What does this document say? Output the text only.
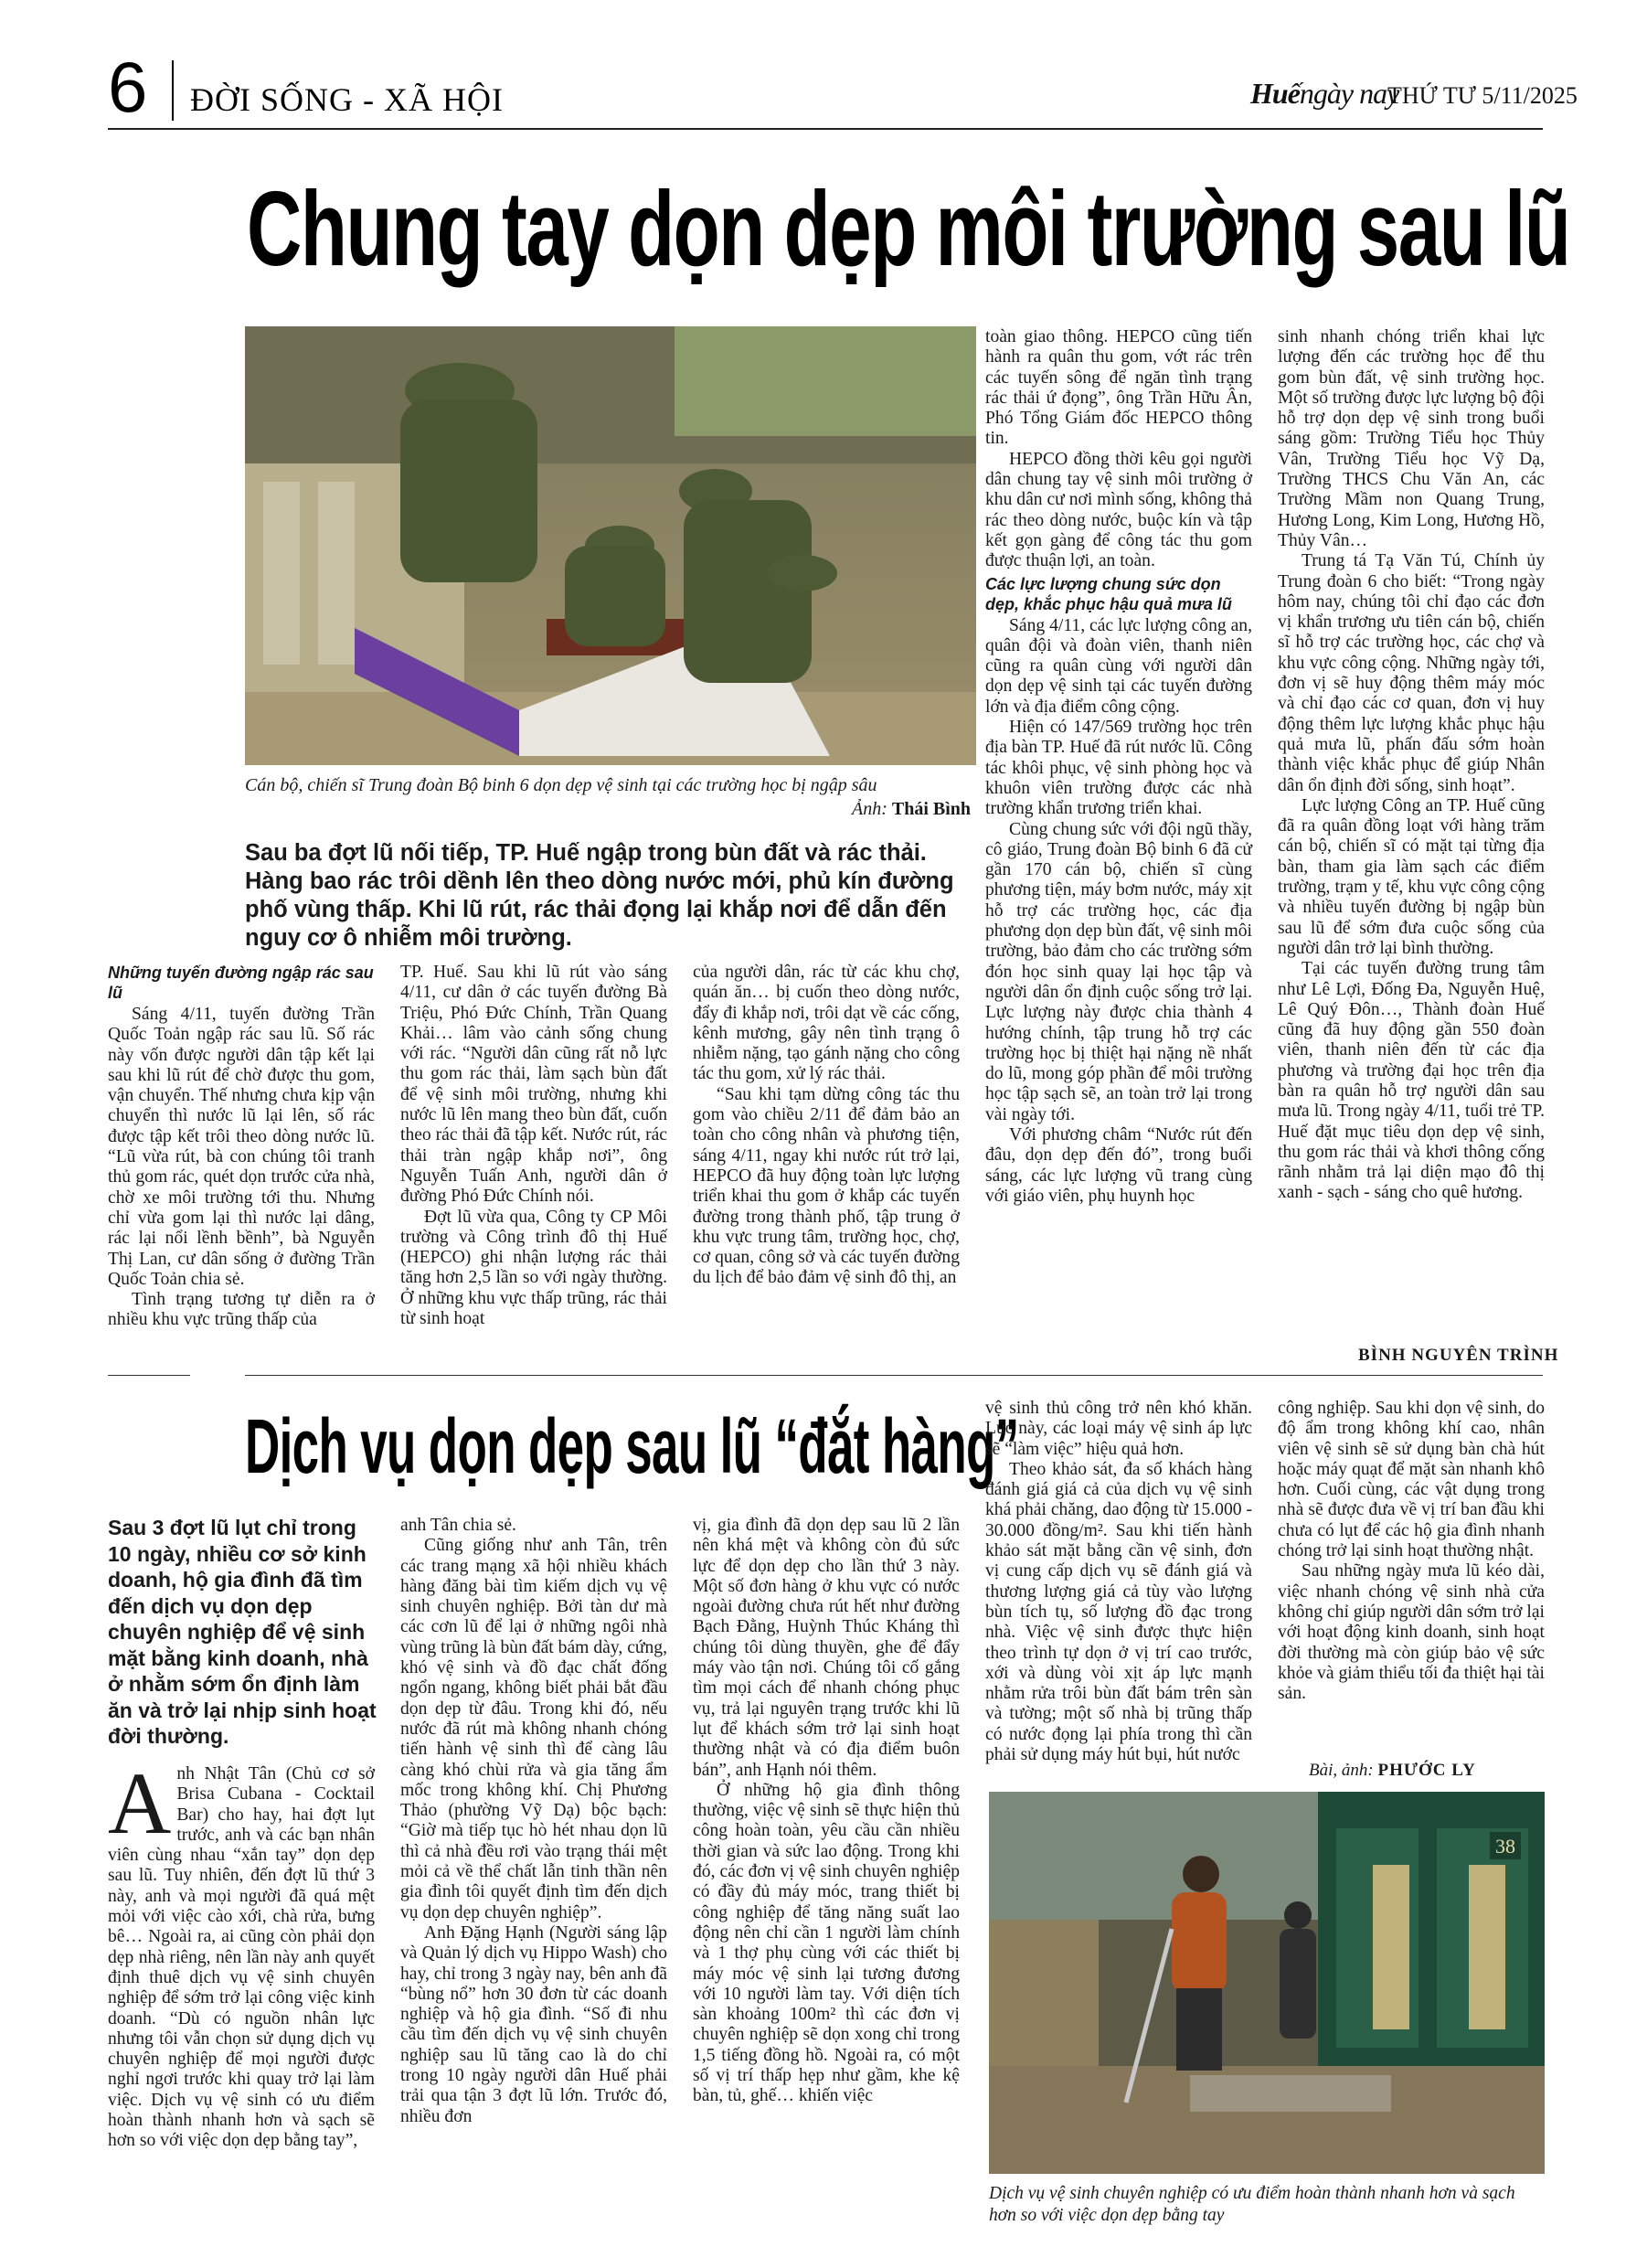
6 ĐỜI SỐNG - XÃ HỘI	Huếngày nay
THỨ TƯ 5/11/2025
Chung tay dọn dẹp môi trường sau lũ
Cán bộ, chiến sĩ Trung đoàn Bộ binh 6 dọn dẹp vệ sinh tại các trường học bị ngập sâu
Ảnh: Thái Bình
Sau ba đợt lũ nối tiếp, TP. Huế ngập trong bùn đất và rác thải. Hàng bao rác trôi dềnh lên theo dòng nước mới, phủ kín đường phố vùng thấp. Khi lũ rút, rác thải đọng lại khắp nơi để dẫn đến nguy cơ ô nhiễm môi trường.
Những tuyến đường ngập rác sau lũ

Sáng 4/11, tuyến đường Trần Quốc Toản ngập rác sau lũ. Số rác này vốn được người dân tập kết lại sau khi lũ rút để chờ được thu gom, vận chuyển. Thế nhưng chưa kịp vận chuyển thì nước lũ lại lên, số rác được tập kết trôi theo dòng nước lũ. “Lũ vừa rút, bà con chúng tôi tranh thủ gom rác, quét dọn trước cửa nhà, chờ xe môi trường tới thu. Nhưng chỉ vừa gom lại thì nước lại dâng, rác lại nổi lềnh bềnh”, bà Nguyễn Thị Lan, cư dân sống ở đường Trần Quốc Toản chia sẻ.

Tình trạng tương tự diễn ra ở nhiều khu vực trũng thấp của

TP. Huế. Sau khi lũ rút vào sáng 4/11, cư dân ở các tuyến đường Bà Triệu, Phó Đức Chính, Trần Quang Khải… lâm vào cảnh sống chung với rác. “Người dân cũng rất nỗ lực thu gom rác thải, làm sạch bùn đất để vệ sinh môi trường, nhưng khi nước lũ lên mang theo bùn đất, cuốn theo rác thải đã tập kết. Nước rút, rác thải tràn ngập khắp nơi”, ông Nguyễn Tuấn Anh, người dân ở đường Phó Đức Chính nói.

Đợt lũ vừa qua, Công ty CP Môi trường và Công trình đô thị Huế (HEPCO) ghi nhận lượng rác thải tăng hơn 2,5 lần so với ngày thường. Ở những khu vực thấp trũng, rác thải từ sinh hoạt

của người dân, rác từ các khu chợ, quán ăn… bị cuốn theo dòng nước, đẩy đi khắp nơi, trôi dạt về các cống, kênh mương, gây nên tình trạng ô nhiễm nặng, tạo gánh nặng cho công tác thu gom, xử lý rác thải.

“Sau khi tạm dừng công tác thu gom vào chiều 2/11 để đảm bảo an toàn cho công nhân và phương tiện, sáng 4/11, ngay khi nước rút trở lại, HEPCO đã huy động toàn lực lượng triển khai thu gom ở khắp các tuyến đường trong thành phố, tập trung ở khu vực trung tâm, trường học, chợ, cơ quan, công sở và các tuyến đường du lịch để bảo đảm vệ sinh đô thị, an

toàn giao thông. HEPCO cũng tiến hành ra quân thu gom, vớt rác trên các tuyến sông để ngăn tình trạng rác thải ứ đọng”, ông Trần Hữu Ân, Phó Tổng Giám đốc HEPCO thông tin.

HEPCO đồng thời kêu gọi người dân chung tay vệ sinh môi trường ở khu dân cư nơi mình sống, không thả rác theo dòng nước, buộc kín và tập kết gọn gàng để công tác thu gom được thuận lợi, an toàn.

Các lực lượng chung sức dọn dẹp, khắc phục hậu quả mưa lũ

Sáng 4/11, các lực lượng công an, quân đội và đoàn viên, thanh niên cũng ra quân cùng với người dân dọn dẹp vệ sinh tại các tuyến đường lớn và địa điểm công cộng.

Hiện có 147/569 trường học trên địa bàn TP. Huế đã rút nước lũ. Công tác khôi phục, vệ sinh phòng học và khuôn viên trường được các nhà trường khẩn trương triển khai.

Cùng chung sức với đội ngũ thầy, cô giáo, Trung đoàn Bộ binh 6 đã cử gần 170 cán bộ, chiến sĩ cùng phương tiện, máy bơm nước, máy xịt hỗ trợ các trường học, các địa phương dọn dẹp bùn đất, vệ sinh môi trường, bảo đảm cho các trường sớm đón học sinh quay lại học tập và người dân ổn định cuộc sống trở lại. Lực lượng này được chia thành 4 hướng chính, tập trung hỗ trợ các trường học bị thiệt hại nặng nề nhất do lũ, mong góp phần để môi trường học tập sạch sẽ, an toàn trở lại trong vài ngày tới.

Với phương châm “Nước rút đến đâu, dọn dẹp đến đó”, trong buổi sáng, các lực lượng vũ trang cùng với giáo viên, phụ huynh học

sinh nhanh chóng triển khai lực lượng đến các trường học để thu gom bùn đất, vệ sinh trường học. Một số trường được lực lượng bộ đội hỗ trợ dọn dẹp vệ sinh trong buổi sáng gồm: Trường Tiểu học Thủy Vân, Trường Tiểu học Vỹ Dạ, Trường THCS Chu Văn An, các Trường Mầm non Quang Trung, Hương Long, Kim Long, Hương Hồ, Thủy Vân…

Trung tá Tạ Văn Tú, Chính ủy Trung đoàn 6 cho biết: “Trong ngày hôm nay, chúng tôi chỉ đạo các đơn vị khẩn trương ưu tiên cán bộ, chiến sĩ hỗ trợ các trường học, các chợ và khu vực công cộng. Những ngày tới, đơn vị sẽ huy động thêm máy móc và chỉ đạo các cơ quan, đơn vị huy động thêm lực lượng khắc phục hậu quả mưa lũ, phấn đấu sớm hoàn thành việc khắc phục để giúp Nhân dân ổn định đời sống, sinh hoạt”.

Lực lượng Công an TP. Huế cũng đã ra quân đồng loạt với hàng trăm cán bộ, chiến sĩ có mặt tại từng địa bàn, tham gia làm sạch các điểm trường, trạm y tế, khu vực công cộng và nhiều tuyến đường bị ngập bùn sau lũ để sớm đưa cuộc sống của người dân trở lại bình thường.

Tại các tuyến đường trung tâm như Lê Lợi, Đống Đa, Nguyễn Huệ, Lê Quý Đôn…, Thành đoàn Huế cũng đã huy động gần 550 đoàn viên, thanh niên đến từ các địa phương và trường đại học trên địa bàn ra quân hỗ trợ người dân sau mưa lũ. Trong ngày 4/11, tuổi trẻ TP. Huế đặt mục tiêu dọn dẹp vệ sinh, thu gom rác thải và khơi thông cống rãnh nhằm trả lại diện mạo đô thị xanh - sạch - sáng cho quê hương.

BÌNH NGUYÊN TRÌNH
Dịch vụ dọn dẹp sau lũ “đắt hàng”
Sau 3 đợt lũ lụt chỉ trong 10 ngày, nhiều cơ sở kinh doanh, hộ gia đình đã tìm đến dịch vụ dọn dẹp chuyên nghiệp để vệ sinh mặt bằng kinh doanh, nhà ở nhằm sớm ổn định làm ăn và trở lại nhịp sinh hoạt đời thường.

Anh Nhật Tân (Chủ cơ sở Brisa Cubana - Cocktail Bar) cho hay, hai đợt lụt trước, anh và các bạn nhân viên cùng nhau “xắn tay” dọn dẹp sau lũ. Tuy nhiên, đến đợt lũ thứ 3 này, anh và mọi người đã quá mệt mỏi với việc cào xới, chà rửa, bưng bê… Ngoài ra, ai cũng còn phải dọn dẹp nhà riêng, nên lần này anh quyết định thuê dịch vụ vệ sinh chuyên nghiệp để sớm trở lại công việc kinh doanh. “Dù có nguồn nhân lực nhưng tôi vẫn chọn sử dụng dịch vụ chuyên nghiệp để mọi người được nghỉ ngơi trước khi quay trở lại làm việc. Dịch vụ vệ sinh có ưu điểm hoàn thành nhanh hơn và sạch sẽ hơn so với việc dọn dẹp bằng tay”,

anh Tân chia sẻ.

Cũng giống như anh Tân, trên các trang mạng xã hội nhiều khách hàng đăng bài tìm kiếm dịch vụ vệ sinh chuyên nghiệp. Bởi tàn dư mà các cơn lũ để lại ở những ngôi nhà vùng trũng là bùn đất bám dày, cứng, khó vệ sinh và đồ đạc chất đống ngổn ngang, không biết phải bắt đầu dọn dẹp từ đâu. Trong khi đó, nếu nước đã rút mà không nhanh chóng tiến hành vệ sinh thì để càng lâu càng khó chùi rửa và gia tăng ẩm mốc trong không khí. Chị Phương Thảo (phường Vỹ Dạ) bộc bạch: “Giờ mà tiếp tục hò hét nhau dọn lũ thì cả nhà đều rơi vào trạng thái mệt mỏi cả về thể chất lẫn tinh thần nên gia đình tôi quyết định tìm đến dịch vụ dọn dẹp chuyên nghiệp”.

Anh Đặng Hạnh (Người sáng lập và Quản lý dịch vụ Hippo Wash) cho hay, chỉ trong 3 ngày nay, bên anh đã “bùng nổ” hơn 30 đơn từ các doanh nghiệp và hộ gia đình. “Số đi nhu cầu tìm đến dịch vụ vệ sinh chuyên nghiệp sau lũ tăng cao là do chỉ trong 10 ngày người dân Huế phải trải qua tận 3 đợt lũ lớn. Trước đó, nhiều đơn

vị, gia đình đã dọn dẹp sau lũ 2 lần nên khá mệt và không còn đủ sức lực để dọn dẹp cho lần thứ 3 này. Một số đơn hàng ở khu vực có nước ngoài đường chưa rút hết như đường Bạch Đằng, Huỳnh Thúc Kháng thì chúng tôi dùng thuyền, ghe để đẩy máy vào tận nơi. Chúng tôi cố gắng tìm mọi cách để nhanh chóng phục vụ, trả lại nguyên trạng trước khi lũ lụt để khách sớm trở lại sinh hoạt thường nhật và có địa điểm buôn bán”, anh Hạnh nói thêm.

Ở những hộ gia đình thông thường, việc vệ sinh sẽ thực hiện thủ công hoàn toàn, yêu cầu cần nhiều thời gian và sức lao động. Trong khi đó, các đơn vị vệ sinh chuyên nghiệp có đầy đủ máy móc, trang thiết bị công nghiệp để tăng năng suất lao động nên chỉ cần 1 người làm chính và 1 thợ phụ cùng với các thiết bị máy móc vệ sinh lại tương đương với 10 người làm tay. Với diện tích sàn khoảng 100m² thì các đơn vị chuyên nghiệp sẽ dọn xong chỉ trong 1,5 tiếng đồng hồ. Ngoài ra, có một số vị trí thấp hẹp như gầm, khe kệ bàn, tủ, ghế… khiến việc

vệ sinh thủ công trở nên khó khăn. Lúc này, các loại máy vệ sinh áp lực sẽ “làm việc” hiệu quả hơn.

Theo khảo sát, đa số khách hàng đánh giá giá cả của dịch vụ vệ sinh khá phải chăng, dao động từ 15.000 - 30.000 đồng/m². Sau khi tiến hành khảo sát mặt bằng cần vệ sinh, đơn vị cung cấp dịch vụ sẽ đánh giá và thương lượng giá cả tùy vào lượng bùn tích tụ, số lượng đồ đạc trong nhà. Việc vệ sinh được thực hiện theo trình tự dọn ở vị trí cao trước, xới và dùng vòi xịt áp lực mạnh nhằm rửa trôi bùn đất bám trên sàn và tường; một số nhà bị trũng thấp có nước đọng lại phía trong thì cần phải sử dụng máy hút bụi, hút nước

công nghiệp. Sau khi dọn vệ sinh, do độ ẩm trong không khí cao, nhân viên vệ sinh sẽ sử dụng bàn chà hút hoặc máy quạt để mặt sàn nhanh khô hơn. Cuối cùng, các vật dụng trong nhà sẽ được đưa về vị trí ban đầu khi chưa có lụt để các hộ gia đình nhanh chóng trở lại sinh hoạt thường nhật.

Sau những ngày mưa lũ kéo dài, việc nhanh chóng vệ sinh nhà cửa không chỉ giúp người dân sớm trở lại với hoạt động kinh doanh, sinh hoạt đời thường mà còn giúp bảo vệ sức khỏe và giảm thiểu tối đa thiệt hại tài sản.

Bài, ảnh: PHƯỚC LY
38
Dịch vụ vệ sinh chuyên nghiệp có ưu điểm hoàn thành nhanh hơn và sạch hơn so với việc dọn dẹp bằng tay
